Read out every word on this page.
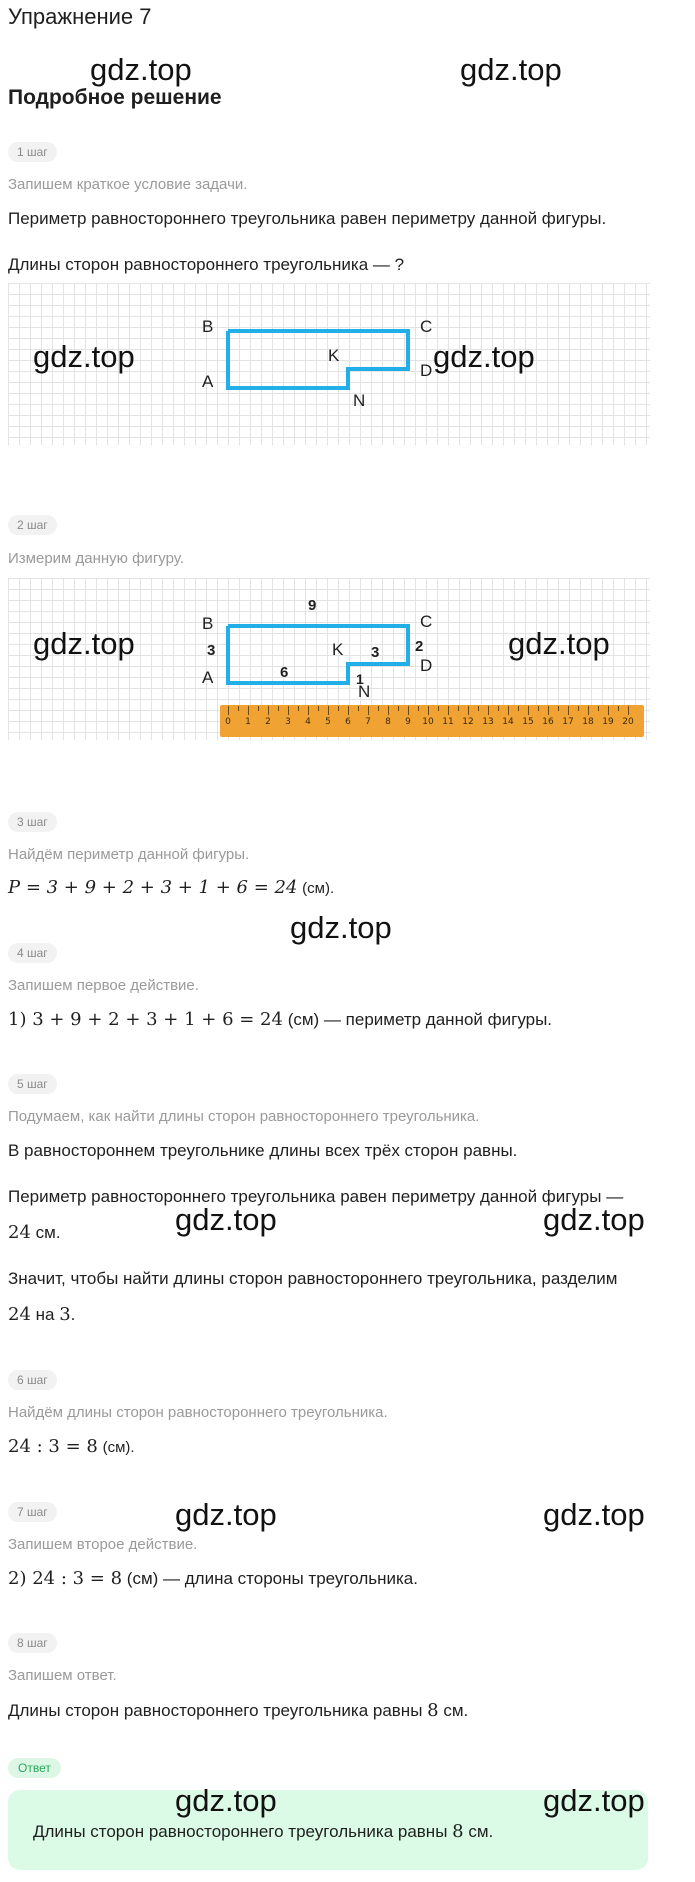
Упражнение 7
gdz.top	gdz.top
Подробное решение
1 шаг
Запишем краткое условие задачи.
Периметр равностороннего треугольника равен периметру данной фигуры.
Длины сторон равностороннего треугольника — ?
B	C
K
A
D
N
gdz.top	gdz.top
2 шаг
Измерим данную фигуру.
B	C
K
A
D
N
9
3
6
2
3
1
gdz.top	gdz.top
0	1	2	3	4	5	6	7	8	9	10 11 12 13 14 15 16 17 18 19 20
3 шаг
Найдём периметр данной фигуры.
P = 3 + 9 + 2 + 3 + 1 + 6 = 24 (см).
gdz.top
4 шаг
Запишем первое действие.
1) 3 + 9 + 2 + 3 + 1 + 6 = 24 (см) — периметр данной фигуры.
5 шаг
Подумаем, как найти длины сторон равностороннего треугольника.
В равностороннем треугольнике длины всех трёх сторон равны.
Периметр равностороннего треугольника равен периметру данной фигуры —
24 см.	gdz.top	gdz.top
Значит, чтобы найти длины сторон равностороннего треугольника, разделим
24 на 3.
6 шаг
Найдём длины сторон равностороннего треугольника.
24 : 3 = 8 (см).
gdz.top	gdz.top
7 шаг
Запишем второе действие.
2) 24 : 3 = 8 (см) — длина стороны треугольника.
8 шаг
Запишем ответ.
Длины сторон равностороннего треугольника равны 8 см.
Ответ
gdz.top	gdz.top
Длины сторон равностороннего треугольника равны 8 см.
